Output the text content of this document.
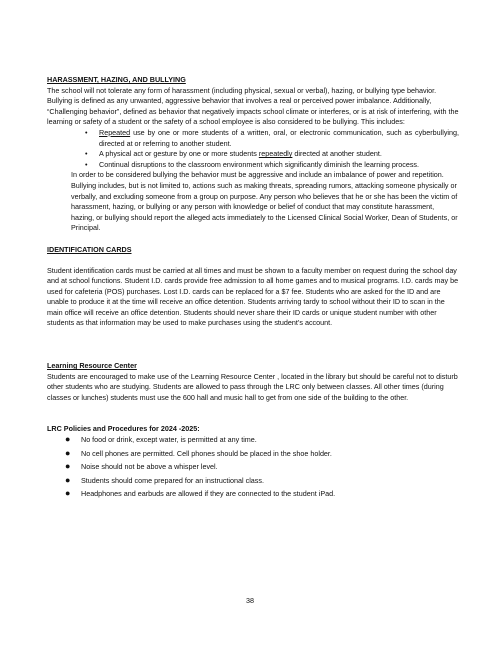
HARASSMENT, HAZING, AND BULLYING

The school will not tolerate any form of harassment (including physical, sexual or verbal), hazing, or bullying type behavior. Bullying is defined as any unwanted, aggressive behavior that involves a real or perceived power imbalance. Additionally, “Challenging behavior”, defined as behavior that negatively impacts school climate or interferes, or is at risk of interfering, with the learning or safety of a student or the safety of a school employee is also considered to be bullying. This includes:

• Repeated use by one or more students of a written, oral, or electronic communication, such as cyberbullying, directed at or referring to another student.
• A physical act or gesture by one or more students repeatedly directed at another student.
• Continual disruptions to the classroom environment which significantly diminish the learning process.

In order to be considered bullying the behavior must be aggressive and include an imbalance of power and repetition. Bullying includes, but is not limited to, actions such as making threats, spreading rumors, attacking someone physically or verbally, and excluding someone from a group on purpose. Any person who believes that he or she has been the victim of harassment, hazing, or bullying or any person with knowledge or belief of conduct that may constitute harassment, hazing, or bullying should report the alleged acts immediately to the Licensed Clinical Social Worker, Dean of Students, or Principal.

IDENTIFICATION CARDS

Student identification cards must be carried at all times and must be shown to a faculty member on request during the school day and at school functions. Student I.D. cards provide free admission to all home games and to musical programs. I.D. cards may be used for cafeteria (POS) purchases. Lost I.D. cards can be replaced for a $7 fee. Students who are asked for the ID and are unable to produce it at the time will receive an office detention. Students arriving tardy to school without their ID to scan in the main office will receive an office detention. Students should never share their ID cards or unique student number with other students as that information may be used to make purchases using the student’s account.

Learning Resource Center

Students are encouraged to make use of the Learning Resource Center , located in the library but should be careful not to disturb other students who are studying. Students are allowed to pass through the LRC only between classes. All other times (during classes or lunches) students must use the 600 hall and music hall to get from one side of the building to the other.

LRC Policies and Procedures for 2024 -2025:

● No food or drink, except water, is permitted at any time.
● No cell phones are permitted. Cell phones should be placed in the shoe holder.
● Noise should not be above a whisper level.
● Students should come prepared for an instructional class.
● Headphones and earbuds are allowed if they are connected to the student iPad.
38
